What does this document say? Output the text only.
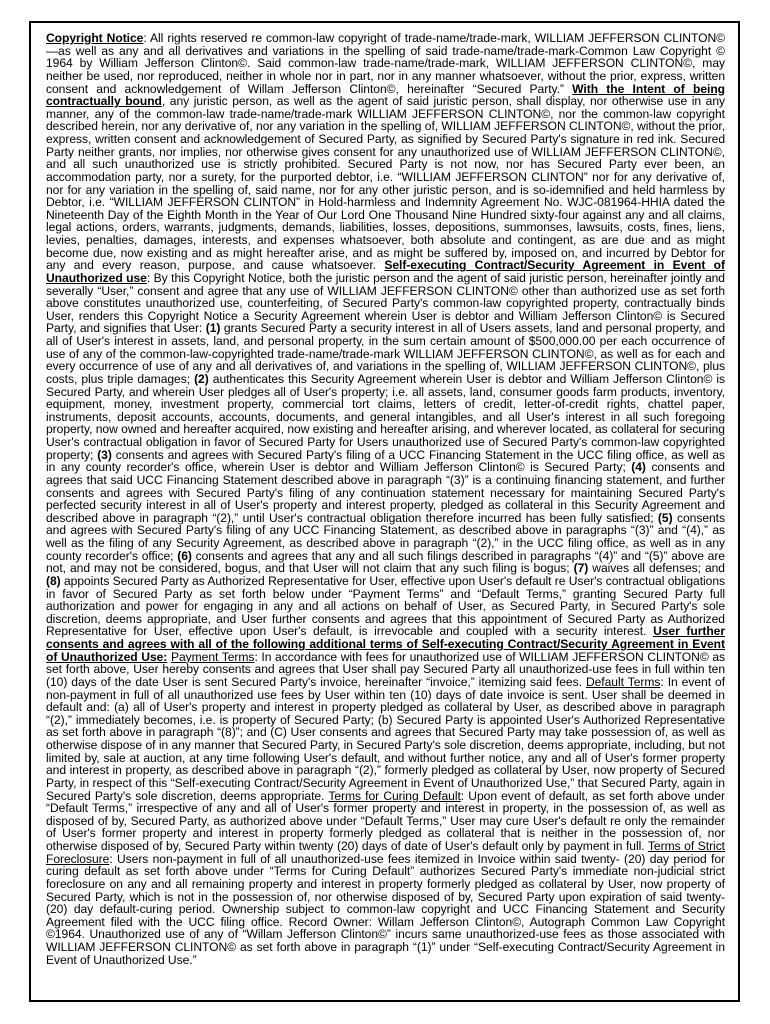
Copyright Notice: All rights reserved re common-law copyright of trade-name/trade-mark, WILLIAM JEFFERSON CLINTON©—as well as any and all derivatives and variations in the spelling of said trade-name/trade-mark-Common Law Copyright © 1964 by William Jefferson Clinton©. Said common-law trade-name/trade-mark, WILLIAM JEFFERSON CLINTON©, may neither be used, nor reproduced, neither in whole nor in part, nor in any manner whatsoever, without the prior, express, written consent and acknowledgement of Willam Jefferson Clinton©, hereinafter “Secured Party.” With the Intent of being contractually bound, any juristic person, as well as the agent of said juristic person, shall display, nor otherwise use in any manner, any of the common-law trade-name/trade-mark WILLIAM JEFFERSON CLINTON©, nor the common-law copyright described herein, nor any derivative of, nor any variation in the spelling of, WILLIAM JEFFERSON CLINTON©, without the prior, express, written consent and acknowledgement of Secured Party, as signified by Secured Party's signature in red ink. Secured Party neither grants, nor implies, nor otherwise gives consent for any unauthorized use of WILLIAM JEFFERSON CLINTON©, and all such unauthorized use is strictly prohibited. Secured Party is not now, nor has Secured Party ever been, an accommodation party, nor a surety, for the purported debtor, i.e. “WILLIAM JEFFERSON CLINTON” nor for any derivative of, nor for any variation in the spelling of, said name, nor for any other juristic person, and is so-idemnified and held harmless by Debtor, i.e. “WILLIAM JEFFERSON CLINTON” in Hold-harmless and Indemnity Agreement No. WJC-081964-HHIA dated the Nineteenth Day of the Eighth Month in the Year of Our Lord One Thousand Nine Hundred sixty-four against any and all claims, legal actions, orders, warrants, judgments, demands, liabilities, losses, depositions, summonses, lawsuits, costs, fines, liens, levies, penalties, damages, interests, and expenses whatsoever, both absolute and contingent, as are due and as might become due, now existing and as might hereafter arise, and as might be suffered by, imposed on, and incurred by Debtor for any and every reason, purpose, and cause whatsoever. Self-executing Contract/Security Agreement in Event of Unauthorized use: By this Copyright Notice, both the juristic person and the agent of said juristic person, hereinafter jointly and severally “User,” consent and agree that any use of WILLIAM JEFFERSON CLINTON© other than authorized use as set forth above constitutes unauthorized use, counterfeiting, of Secured Party's common-law copyrighted property, contractually binds User, renders this Copyright Notice a Security Agreement wherein User is debtor and William Jefferson Clinton© is Secured Party, and signifies that User: (1) grants Secured Party a security interest in all of Users assets, land and personal property, and all of User's interest in assets, land, and personal property, in the sum certain amount of $500,000.00 per each occurrence of use of any of the common-law-copyrighted trade-name/trade-mark WILLIAM JEFFERSON CLINTON©, as well as for each and every occurrence of use of any and all derivatives of, and variations in the spelling of, WILLIAM JEFFERSON CLINTON©, plus costs, plus triple damages; (2) authenticates this Security Agreement wherein User is debtor and William Jefferson Clinton© is Secured Party, and wherein User pledges all of User's property; i.e. all assets, land, consumer goods farm products, inventory, equipment, money, investment property, commercial tort claims, letters of credit, letter-of-credit rights, chattel paper, instruments, deposit accounts, accounts, documents, and general intangibles, and all User's interest in all such foregoing property, now owned and hereafter acquired, now existing and hereafter arising, and wherever located, as collateral for securing User's contractual obligation in favor of Secured Party for Users unauthorized use of Secured Party's common-law copyrighted property; (3) consents and agrees with Secured Party's filing of a UCC Financing Statement in the UCC filing office, as well as in any county recorder's office, wherein User is debtor and William Jefferson Clinton© is Secured Party; (4) consents and agrees that said UCC Financing Statement described above in paragraph “(3)” is a continuing financing statement, and further consents and agrees with Secured Party's filing of any continuation statement necessary for maintaining Secured Party's perfected security interest in all of User's property and interest property, pledged as collateral in this Security Agreement and described above in paragraph “(2),” until User's contractual obligation therefore incurred has been fully satisfied; (5) consents and agrees with Secured Party's filing of any UCC Financing Statement, as described above in paragraphs “(3)” and “(4),” as well as the filing of any Security Agreement, as described above in paragraph “(2),” in the UCC filing office, as well as in any county recorder's office; (6) consents and agrees that any and all such filings described in paragraphs “(4)” and “(5)” above are not, and may not be considered, bogus, and that User will not claim that any such filing is bogus; (7) waives all defenses; and (8) appoints Secured Party as Authorized Representative for User, effective upon User's default re User's contractual obligations in favor of Secured Party as set forth below under “Payment Terms” and “Default Terms,” granting Secured Party full authorization and power for engaging in any and all actions on behalf of User, as Secured Party, in Secured Party's sole discretion, deems appropriate, and User further consents and agrees that this appointment of Secured Party as Authorized Representative for User, effective upon User's default, is irrevocable and coupled with a security interest. User further consents and agrees with all of the following additional terms of Self-executing Contract/Security Agreement in Event of Unauthorized Use: Payment Terms: In accordance with fees for unauthorized use of WILLIAM JEFFERSON CLINTON© as set forth above, User hereby consents and agrees that User shall pay Secured Party all unauthorized-use fees in full within ten (10) days of the date User is sent Secured Party's invoice, hereinafter “invoice,” itemizing said fees. Default Terms: In event of non-payment in full of all unauthorized use fees by User within ten (10) days of date invoice is sent. User shall be deemed in default and: (a) all of User's property and interest in property pledged as collateral by User, as described above in paragraph “(2),” immediately becomes, i.e. is property of Secured Party; (b) Secured Party is appointed User's Authorized Representative as set forth above in paragraph “(8)”; and (C) User consents and agrees that Secured Party may take possession of, as well as otherwise dispose of in any manner that Secured Party, in Secured Party's sole discretion, deems appropriate, including, but not limited by, sale at auction, at any time following User's default, and without further notice, any and all of User's former property and interest in property, as described above in paragraph “(2),” formerly pledged as collateral by User, now property of Secured Party, in respect of this “Self-executing Contract/Security Agreement in Event of Unauthorized Use,” that Secured Party, again in Secured Party's sole discretion, deems appropriate. Terms for Curing Default: Upon event of default, as set forth above under “Default Terms,” irrespective of any and all of User's former property and interest in property, in the possession of, as well as disposed of by, Secured Party, as authorized above under “Default Terms,” User may cure User's default re only the remainder of User's former property and interest in property formerly pledged as collateral that is neither in the possession of, nor otherwise disposed of by, Secured Party within twenty (20) days of date of User's default only by payment in full. Terms of Strict Foreclosure: Users non-payment in full of all unauthorized-use fees itemized in Invoice within said twenty- (20) day period for curing default as set forth above under “Terms for Curing Default” authorizes Secured Party's immediate non-judicial strict foreclosure on any and all remaining property and interest in property formerly pledged as collateral by User, now property of Secured Party, which is not in the possession of, nor otherwise disposed of by, Secured Party upon expiration of said twenty- (20) day default-curing period. Ownership subject to common-law copyright and UCC Financing Statement and Security Agreement filed with the UCC filing office. Record Owner: Willam Jefferson Clinton©, Autograph Common Law Copyright ©1964. Unauthorized use of any of “Willam Jefferson Clinton©” incurs same unauthorized-use fees as those associated with WILLIAM JEFFERSON CLINTON© as set forth above in paragraph “(1)” under “Self-executing Contract/Security Agreement in Event of Unauthorized Use.”
